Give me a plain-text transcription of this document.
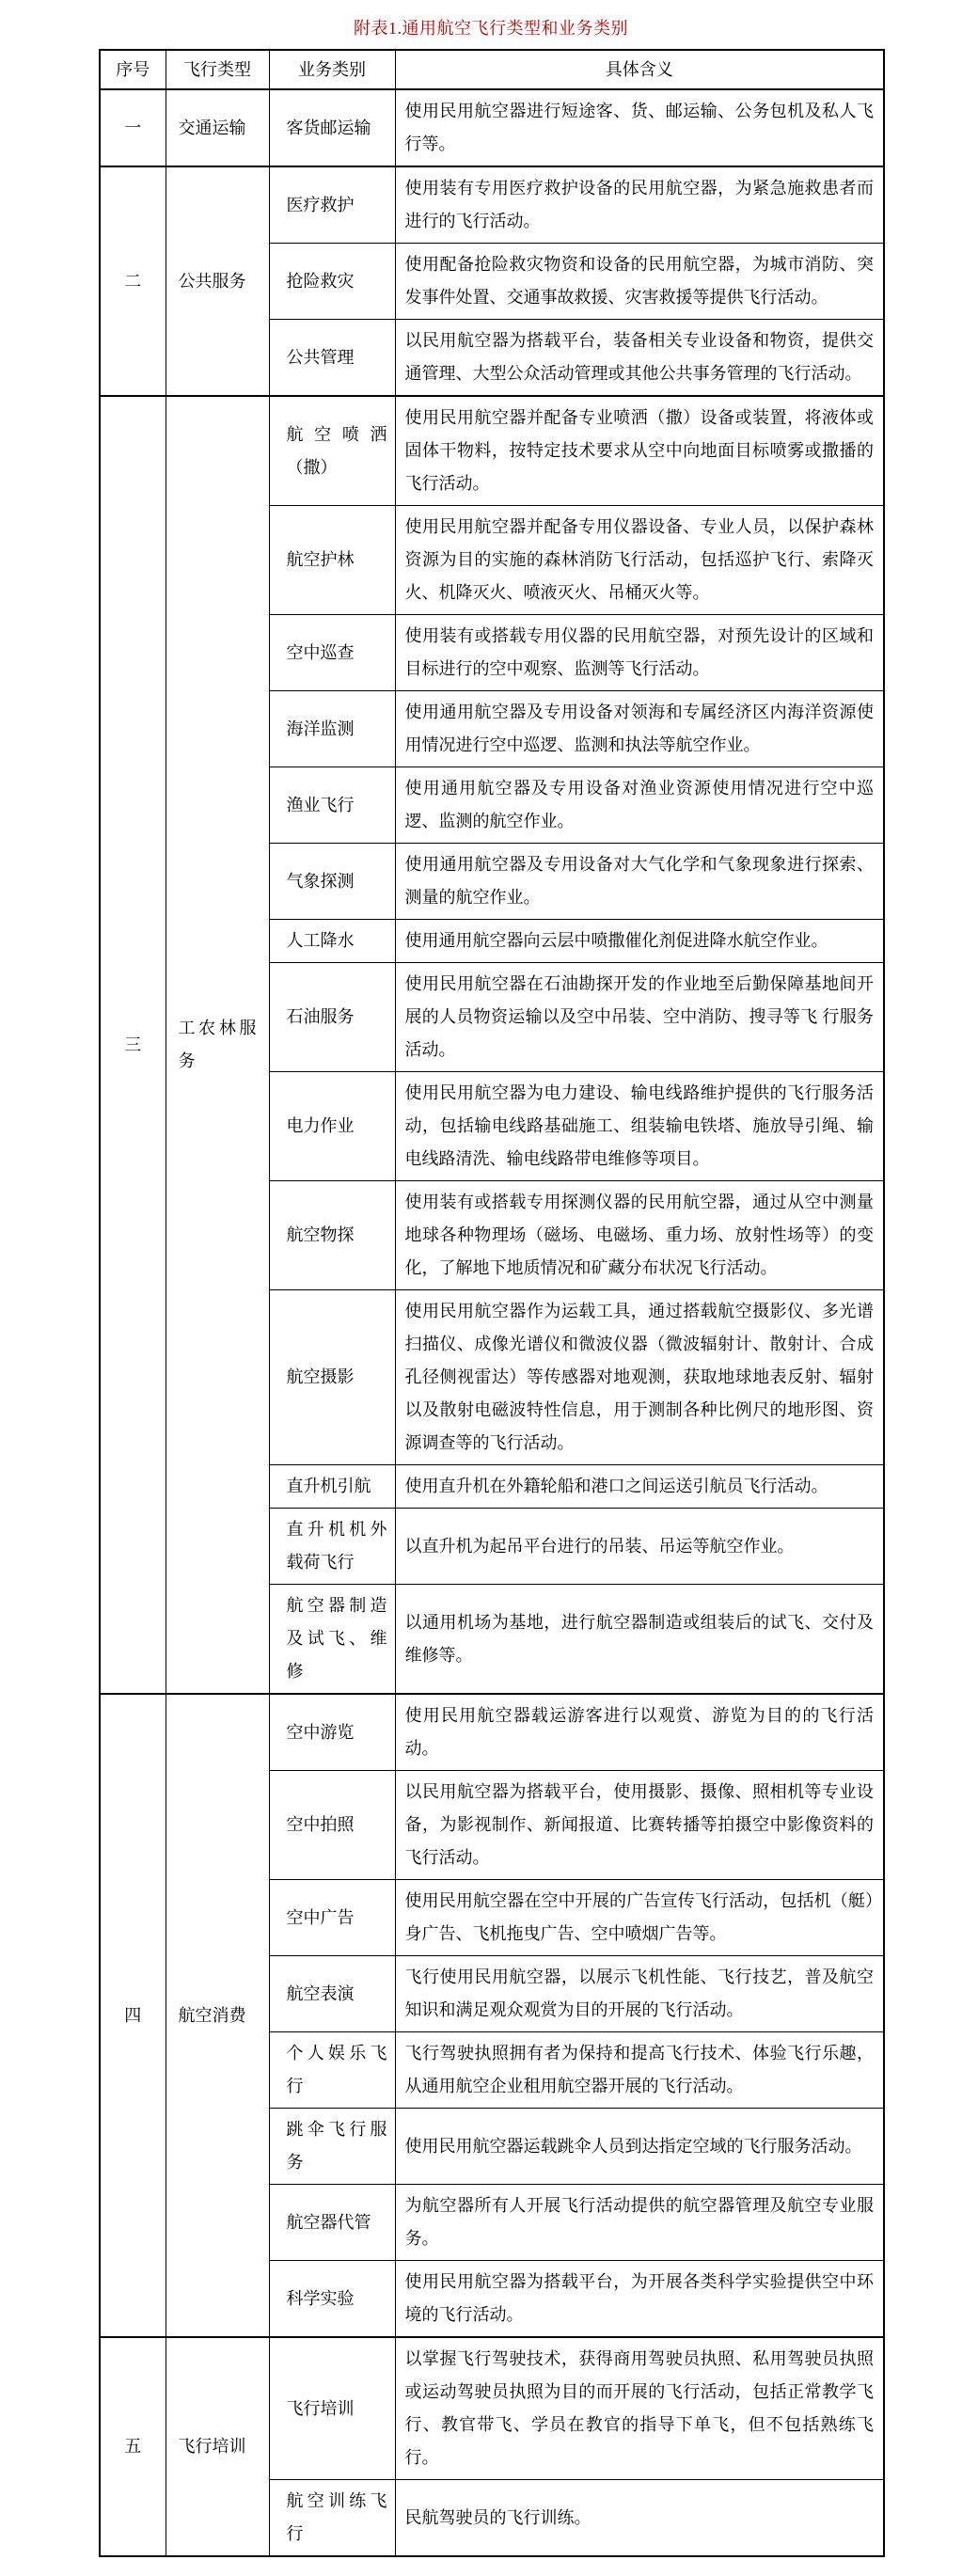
附表1.通用航空飞行类型和业务类别
序号	飞行类型	业务类别	具体含义
一	交通运输	客货邮运输	使用民用航空器进行短途客、货、邮运输、公务包机及私人飞行等。
二	公共服务	医疗救护	使用装有专用医疗救护设备的民用航空器，为紧急施救患者而进行的飞行活动。
		抢险救灾	使用配备抢险救灾物资和设备的民用航空器，为城市消防、突发事件处置、交通事故救援、灾害救援等提供飞行活动。
		公共管理	以民用航空器为搭载平台，装备相关专业设备和物资，提供交通管理、大型公众活动管理或其他公共事务管理的飞行活动。
三	工农林服务	航空喷洒（撒）	使用民用航空器并配备专业喷洒（撒）设备或装置，将液体或固体干物料，按特定技术要求从空中向地面目标喷雾或撒播的飞行活动。
		航空护林	使用民用航空器并配备专用仪器设备、专业人员，以保护森林资源为目的实施的森林消防飞行活动，包括巡护飞行、索降灭火、机降灭火、喷液灭火、吊桶灭火等。
		空中巡查	使用装有或搭载专用仪器的民用航空器，对预先设计的区域和目标进行的空中观察、监测等飞行活动。
		海洋监测	使用通用航空器及专用设备对领海和专属经济区内海洋资源使用情况进行空中巡逻、监测和执法等航空作业。
		渔业飞行	使用通用航空器及专用设备对渔业资源使用情况进行空中巡逻、监测的航空作业。
		气象探测	使用通用航空器及专用设备对大气化学和气象现象进行探索、测量的航空作业。
		人工降水	使用通用航空器向云层中喷撒催化剂促进降水航空作业。
		石油服务	使用民用航空器在石油勘探开发的作业地至后勤保障基地间开展的人员物资运输以及空中吊装、空中消防、搜寻等飞 行服务活动。
		电力作业	使用民用航空器为电力建设、输电线路维护提供的飞行服务活动，包括输电线路基础施工、组装输电铁塔、施放导引绳、输电线路清洗、输电线路带电维修等项目。
		航空物探	使用装有或搭载专用探测仪器的民用航空器，通过从空中测量地球各种物理场（磁场、电磁场、重力场、放射性场等）的变化，了解地下地质情况和矿藏分布状况飞行活动。
		航空摄影	使用民用航空器作为运载工具，通过搭载航空摄影仪、多光谱扫描仪、成像光谱仪和微波仪器（微波辐射计、散射计、合成孔径侧视雷达）等传感器对地观测，获取地球地表反射、辐射以及散射电磁波特性信息，用于测制各种比例尺的地形图、资源调查等的飞行活动。
		直升机引航	使用直升机在外籍轮船和港口之间运送引航员飞行活动。
		直升机机外载荷飞行	以直升机为起吊平台进行的吊装、吊运等航空作业。
		航空器制造及试飞、维修	以通用机场为基地，进行航空器制造或组装后的试飞、交付及维修等。
四	航空消费	空中游览	使用民用航空器载运游客进行以观赏、游览为目的的飞行活动。
		空中拍照	以民用航空器为搭载平台，使用摄影、摄像、照相机等专业设备，为影视制作、新闻报道、比赛转播等拍摄空中影像资料的飞行活动。
		空中广告	使用民用航空器在空中开展的广告宣传飞行活动，包括机（艇）身广告、飞机拖曳广告、空中喷烟广告等。
		航空表演	飞行使用民用航空器，以展示飞机性能、飞行技艺，普及航空知识和满足观众观赏为目的开展的飞行活动。
		个人娱乐飞行	飞行驾驶执照拥有者为保持和提高飞行技术、体验飞行乐趣，从通用航空企业租用航空器开展的飞行活动。
		跳伞飞行服务	使用民用航空器运载跳伞人员到达指定空域的飞行服务活动。
		航空器代管	为航空器所有人开展飞行活动提供的航空器管理及航空专业服务。
		科学实验	使用民用航空器为搭载平台，为开展各类科学实验提供空中环境的飞行活动。
五	飞行培训	飞行培训	以掌握飞行驾驶技术，获得商用驾驶员执照、私用驾驶员执照或运动驾驶员执照为目的而开展的飞行活动，包括正常教学飞行、教官带飞、学员在教官的指导下单飞，但不包括熟练飞行。
		航空训练飞行	民航驾驶员的飞行训练。
